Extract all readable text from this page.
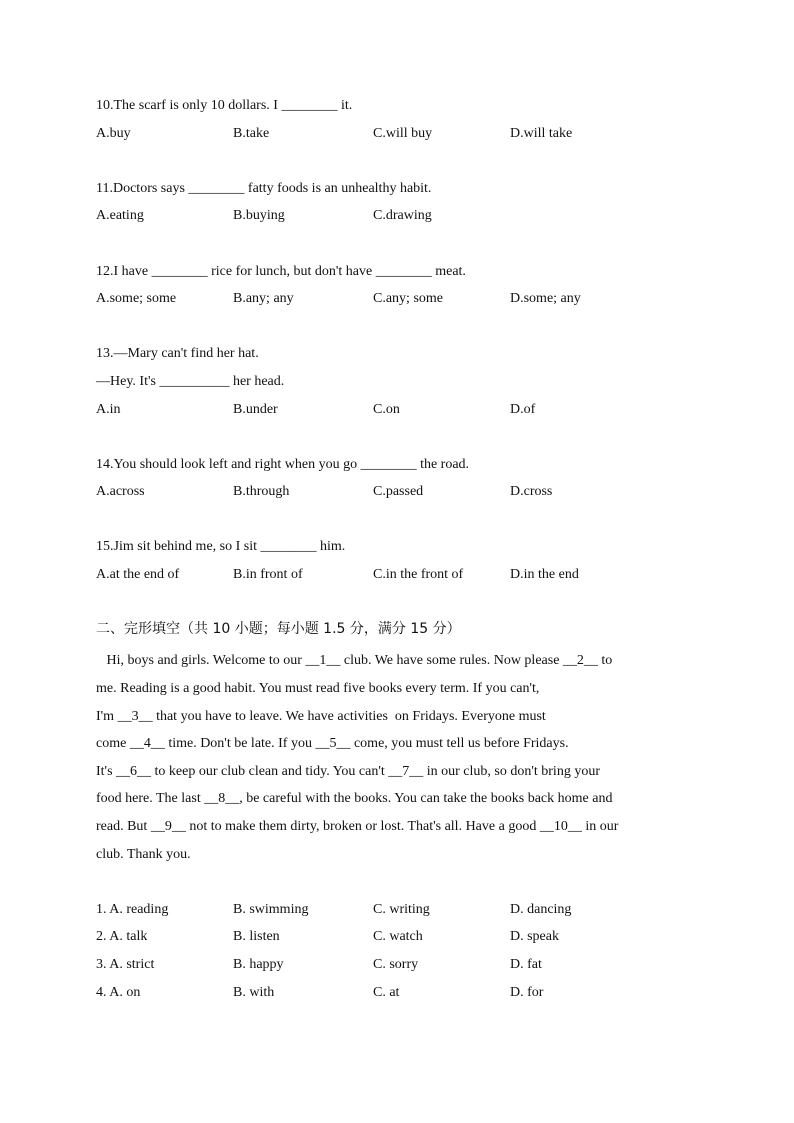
10.The scarf is only 10 dollars. I ________ it.
A.buy	B.take	C.will buy	D.will take
11.Doctors says ________ fatty foods is an unhealthy habit.
A.eating	B.buying	C.drawing
12.I have ________ rice for lunch, but don't have ________ meat.
A.some; some	B.any; any	C.any; some	D.some; any
13.—Mary can't find her hat.
—Hey. It's __________ her head.
A.in	B.under	C.on	D.of
14.You should look left and right when you go ________ the road.
A.across	B.through	C.passed	D.cross
15.Jim sit behind me, so I sit ________ him.
A.at the end of	B.in front of	C.in the front of	D.in the end
二、完形填空（共 10 小题；每小题 1.5 分，满分 15 分）
Hi, boys and girls. Welcome to our __1__ club. We have some rules. Now please __2__ to
me. Reading is a good habit. You must read five books every term. If you can't,
I'm __3__ that you have to leave. We have activities  on Fridays. Everyone must
come __4__ time. Don't be late. If you __5__ come, you must tell us before Fridays.
It's __6__ to keep our club clean and tidy. You can't __7__ in our club, so don't bring your
food here. The last __8__, be careful with the books. You can take the books back home and
read. But __9__ not to make them dirty, broken or lost. That's all. Have a good __10__ in our
club. Thank you.
1. A. reading	B. swimming	C. writing	D. dancing
2. A. talk	B. listen	C. watch	D. speak
3. A. strict	B. happy	C. sorry	D. fat
4. A. on	B. with	C. at	D. for
